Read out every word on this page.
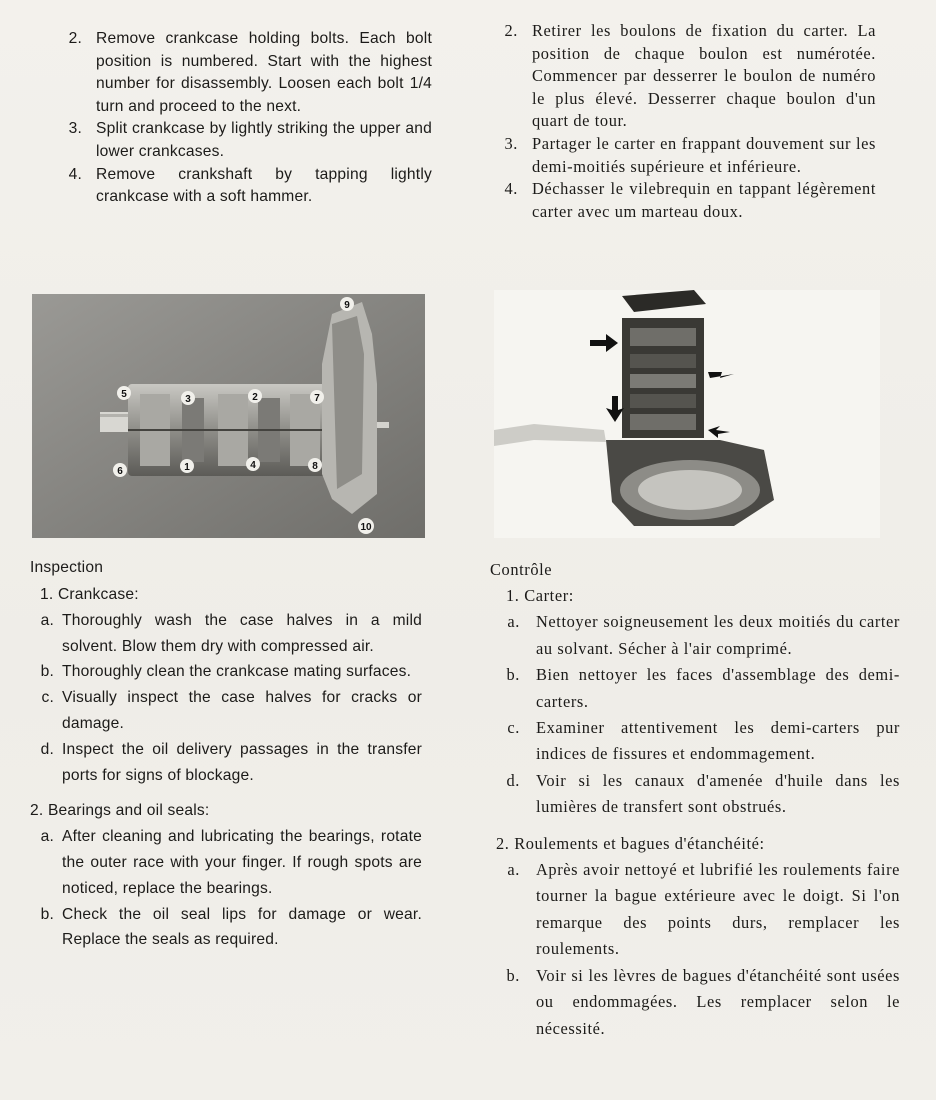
2. Remove crankcase holding bolts. Each bolt position is numbered. Start with the highest number for disassembly. Loosen each bolt 1/4 turn and proceed to the next.
3. Split crankcase by lightly striking the upper and lower crankcases.
4. Remove crankshaft by tapping lightly crankcase with a soft hammer.
2. Retirer les boulons de fixation du carter. La position de chaque boulon est numérotée. Commencer par desserrer le boulon de numéro le plus élevé. Desserrer chaque boulon d'un quart de tour.
3. Partager le carter en frappant douvement sur les demi-moitiés supérieure et inférieure.
4. Déchasser le vilebrequin en tappant légèrement carter avec um marteau doux.
1
2
3
4
5
6
7
8
9
10
Inspection
1. Crankcase:
a. Thoroughly wash the case halves in a mild solvent. Blow them dry with compressed air.
b. Thoroughly clean the crankcase mating surfaces.
c. Visually inspect the case halves for cracks or damage.
d. Inspect the oil delivery passages in the transfer ports for signs of blockage.
2. Bearings and oil seals:
a. After cleaning and lubricating the bearings, rotate the outer race with your finger. If rough spots are noticed, replace the bearings.
b. Check the oil seal lips for damage or wear. Replace the seals as required.
Contrôle
1. Carter:
a. Nettoyer soigneusement les deux moitiés du carter au solvant. Sécher à l'air comprimé.
b. Bien nettoyer les faces d'assemblage des demi-carters.
c. Examiner attentivement les demi-carters pur indices de fissures et endommagement.
d. Voir si les canaux d'amenée d'huile dans les lumières de transfert sont obstrués.
2. Roulements et bagues d'étanchéité:
a. Après avoir nettoyé et lubrifié les roulements faire tourner la bague extérieure avec le doigt. Si l'on remarque des points durs, remplacer les roulements.
b. Voir si les lèvres de bagues d'étanchéité sont usées ou endommagées. Les remplacer selon le nécessité.
